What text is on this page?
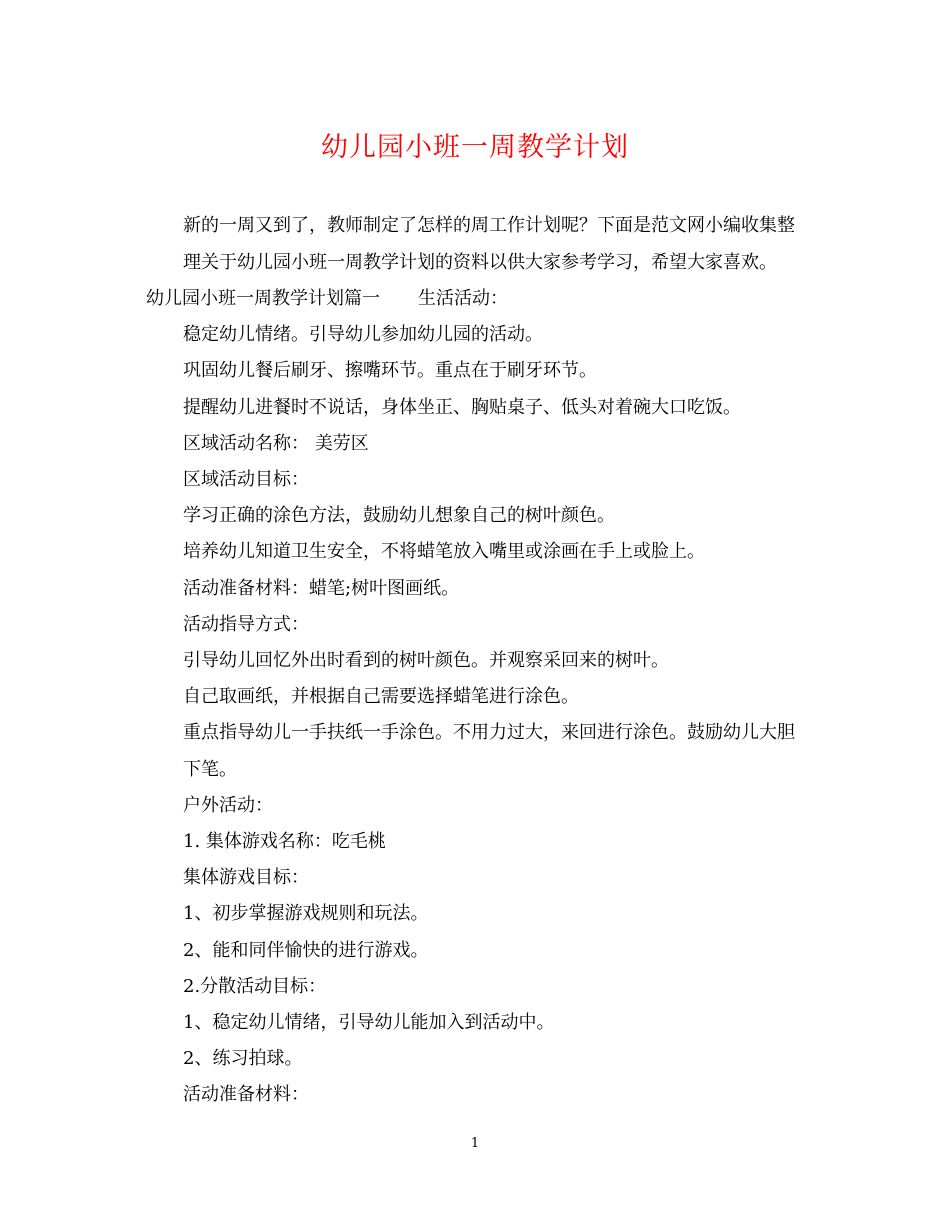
幼儿园小班一周教学计划

新的一周又到了，教师制定了怎样的周工作计划呢？下面是范文网小编收集整理关于幼儿园小班一周教学计划的资料以供大家参考学习，希望大家喜欢。

幼儿园小班一周教学计划篇一 生活活动：

稳定幼儿情绪。引导幼儿参加幼儿园的活动。

巩固幼儿餐后刷牙、擦嘴环节。重点在于刷牙环节。

提醒幼儿进餐时不说话，身体坐正、胸贴桌子、低头对着碗大口吃饭。

区域活动名称： 美劳区

区域活动目标：

学习正确的涂色方法，鼓励幼儿想象自己的树叶颜色。

培养幼儿知道卫生安全，不将蜡笔放入嘴里或涂画在手上或脸上。

活动准备材料：蜡笔;树叶图画纸。

活动指导方式：

引导幼儿回忆外出时看到的树叶颜色。并观察采回来的树叶。

自己取画纸，并根据自己需要选择蜡笔进行涂色。

重点指导幼儿一手扶纸一手涂色。不用力过大，来回进行涂色。鼓励幼儿大胆下笔。

户外活动：

1. 集体游戏名称：吃毛桃

集体游戏目标：

1、初步掌握游戏规则和玩法。

2、能和同伴愉快的进行游戏。

2.分散活动目标：

1、稳定幼儿情绪，引导幼儿能加入到活动中。

2、练习拍球。

活动准备材料：

1
